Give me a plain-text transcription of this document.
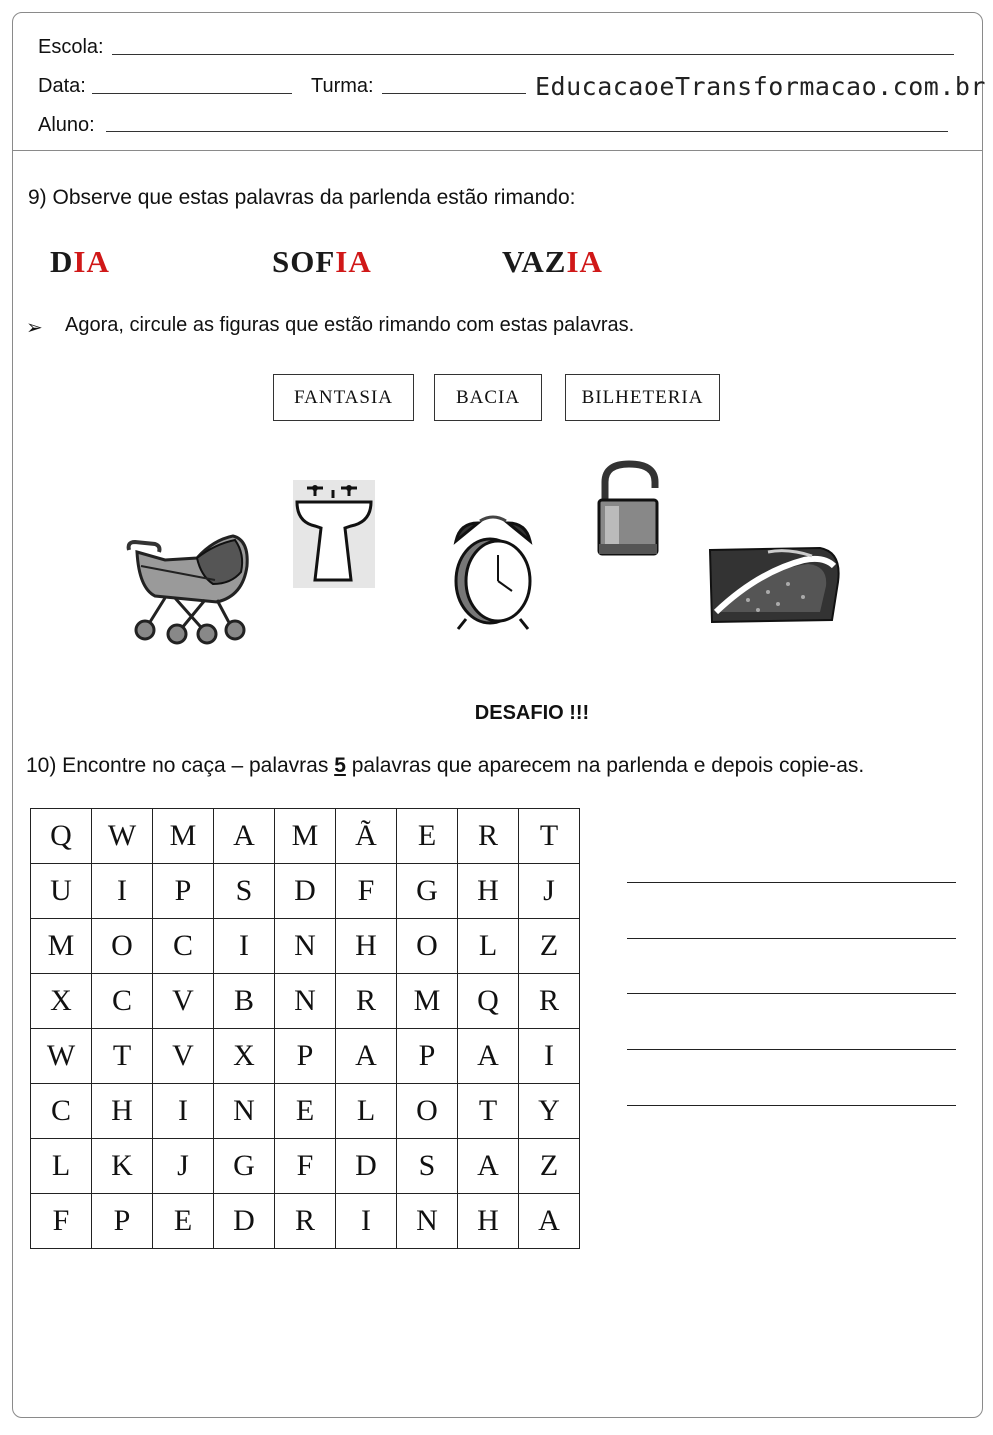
Escola:
Data:	Turma:	EducacaoeTransformacao.com.br
Aluno:
9) Observe que estas palavras da parlenda estão rimando:
DIA	SOFIA	VAZIA
➢ Agora, circule as figuras que estão rimando com estas palavras.
FANTASIA	BACIA	BILHETERIA
DESAFIO !!!
10) Encontre no caça – palavras 5 palavras que aparecem na parlenda e depois copie-as.
Q	W	M	A	M	Ã	E	R	T
U	I	P	S	D	F	G	H	J
M	O	C	I	N	H	O	L	Z
X	C	V	B	N	R	M	Q	R
W	T	V	X	P	A	P	A	I
C	H	I	N	E	L	O	T	Y
L	K	J	G	F	D	S	A	Z
F	P	E	D	R	I	N	H	A
